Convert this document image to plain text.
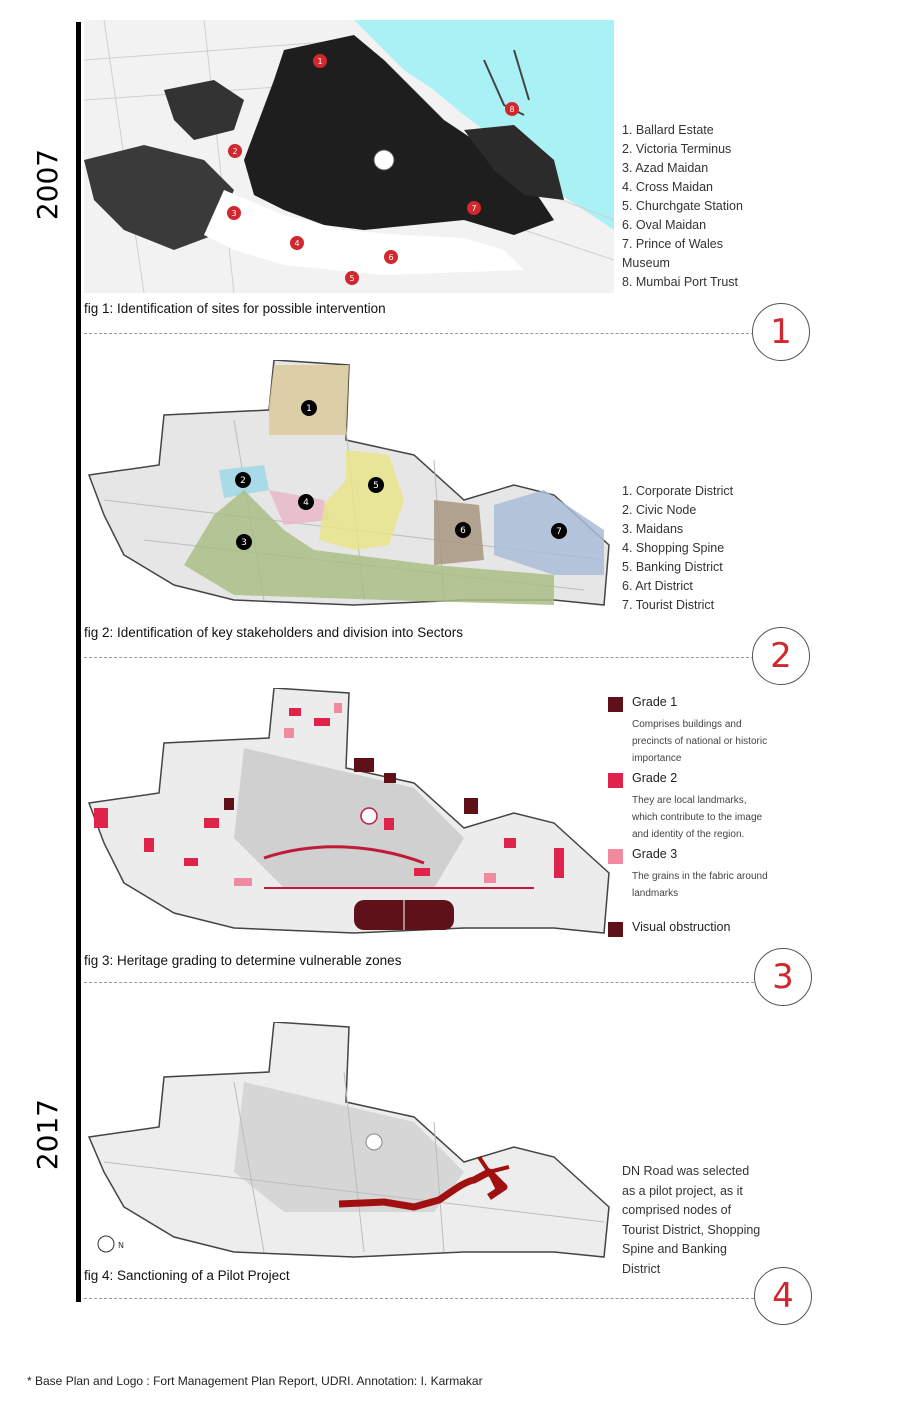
2007
2017
1
2
3
4
5
6
7
8
1. Ballard Estate
2. Victoria Terminus
3. Azad Maidan
4. Cross Maidan
5. Churchgate Station
6. Oval Maidan
7. Prince of Wales
Museum
8. Mumbai Port Trust
fig 1: Identification of sites for possible intervention
1
1
2
3
4
5
6	7
1. Corporate District
2. Civic Node
3. Maidans
4. Shopping Spine
5. Banking District
6. Art District
7. Tourist District
fig 2: Identification of key stakeholders and division into Sectors
2
Grade 1
Comprises buildings and precincts of national or historic importance
Grade 2
They are local landmarks, which contribute to the image and identity of the region.
Grade 3
The grains in the fabric around landmarks
Visual obstruction
fig 3: Heritage grading to determine vulnerable zones	3
N
DN Road was selected as a pilot project, as it comprised nodes of Tourist District, Shopping Spine and Banking District
fig 4: Sanctioning of a Pilot Project
4
* Base Plan and Logo : Fort Management Plan Report, UDRI. Annotation: I. Karmakar
